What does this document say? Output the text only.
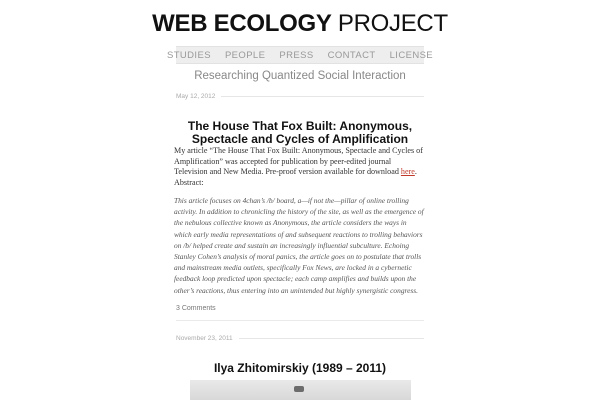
WEB ECOLOGY PROJECT
STUDIES PEOPLE PRESS CONTACT LICENSE
Researching Quantized Social Interaction
May 12, 2012
The House That Fox Built: Anonymous, Spectacle and Cycles of Amplification

My article “The House That Fox Built: Anonymous, Spectacle and Cycles of Amplification” was accepted for publication by peer-edited journal Television and New Media. Pre-proof version available for download here. Abstract:

This article focuses on 4chan’s /b/ board, a—if not the—pillar of online trolling activity. In addition to chronicling the history of the site, as well as the emergence of the nebulous collective known as Anonymous, the article considers the ways in which early media representations of and subsequent reactions to trolling behaviors on /b/ helped create and sustain an increasingly influential subculture. Echoing Stanley Cohen’s analysis of moral panics, the article goes on to postulate that trolls and mainstream media outlets, specifically Fox News, are locked in a cybernetic feedback loop predicted upon spectacle; each camp amplifies and builds upon the other’s reactions, thus entering into an unintended but highly synergistic congress.

3 Comments
November 23, 2011
Ilya Zhitomirskiy (1989 – 2011)
